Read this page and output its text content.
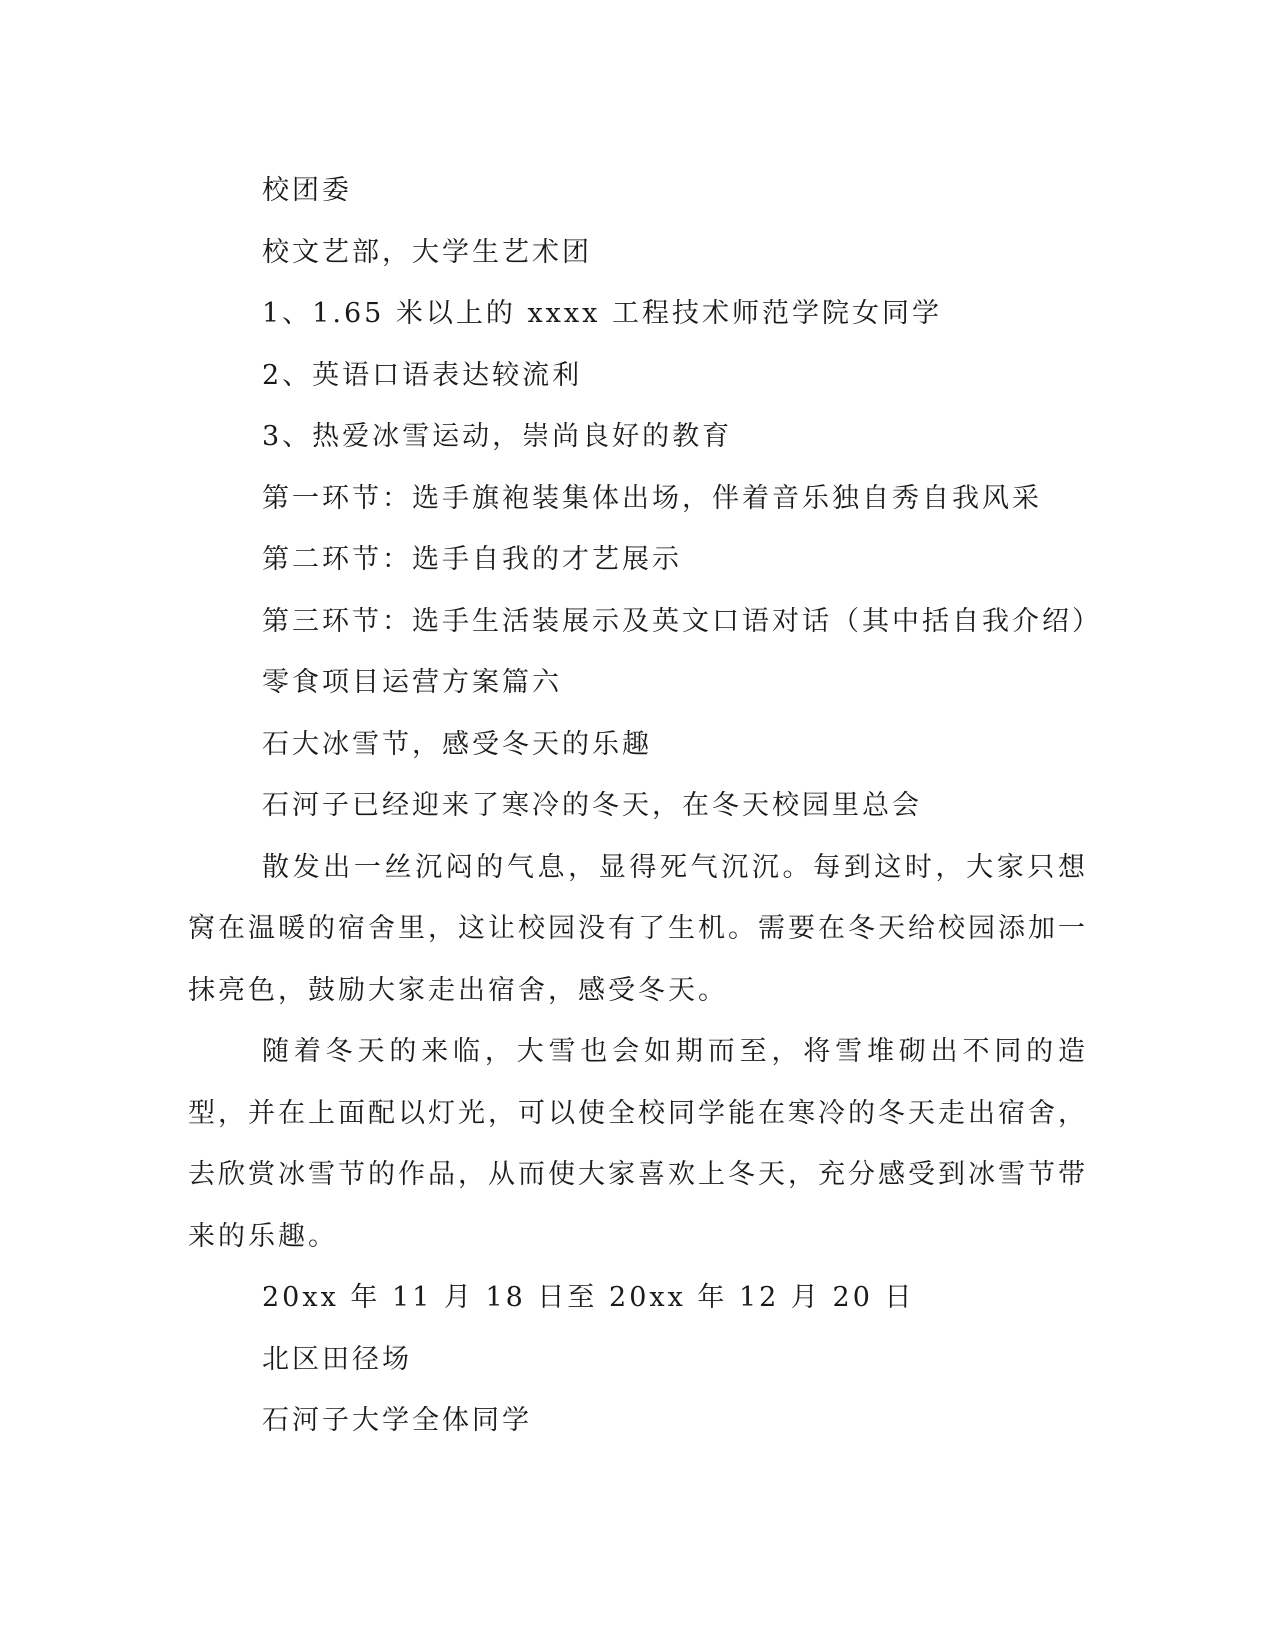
校团委
校文艺部，大学生艺术团
1、1.65 米以上的 xxxx 工程技术师范学院女同学
2、英语口语表达较流利
3、热爱冰雪运动，崇尚良好的教育
第一环节：选手旗袍装集体出场，伴着音乐独自秀自我风采
第二环节：选手自我的才艺展示
第三环节：选手生活装展示及英文口语对话（其中括自我介绍）
零食项目运营方案篇六
石大冰雪节，感受冬天的乐趣
石河子已经迎来了寒冷的冬天，在冬天校园里总会

散发出一丝沉闷的气息，显得死气沉沉。每到这时，大家只想窝在温暖的宿舍里，这让校园没有了生机。需要在冬天给校园添加一抹亮色，鼓励大家走出宿舍，感受冬天。

随着冬天的来临，大雪也会如期而至，将雪堆砌出不同的造型，并在上面配以灯光，可以使全校同学能在寒冷的冬天走出宿舍，去欣赏冰雪节的作品，从而使大家喜欢上冬天，充分感受到冰雪节带来的乐趣。

20xx 年 11 月 18 日至 20xx 年 12 月 20 日
北区田径场
石河子大学全体同学
